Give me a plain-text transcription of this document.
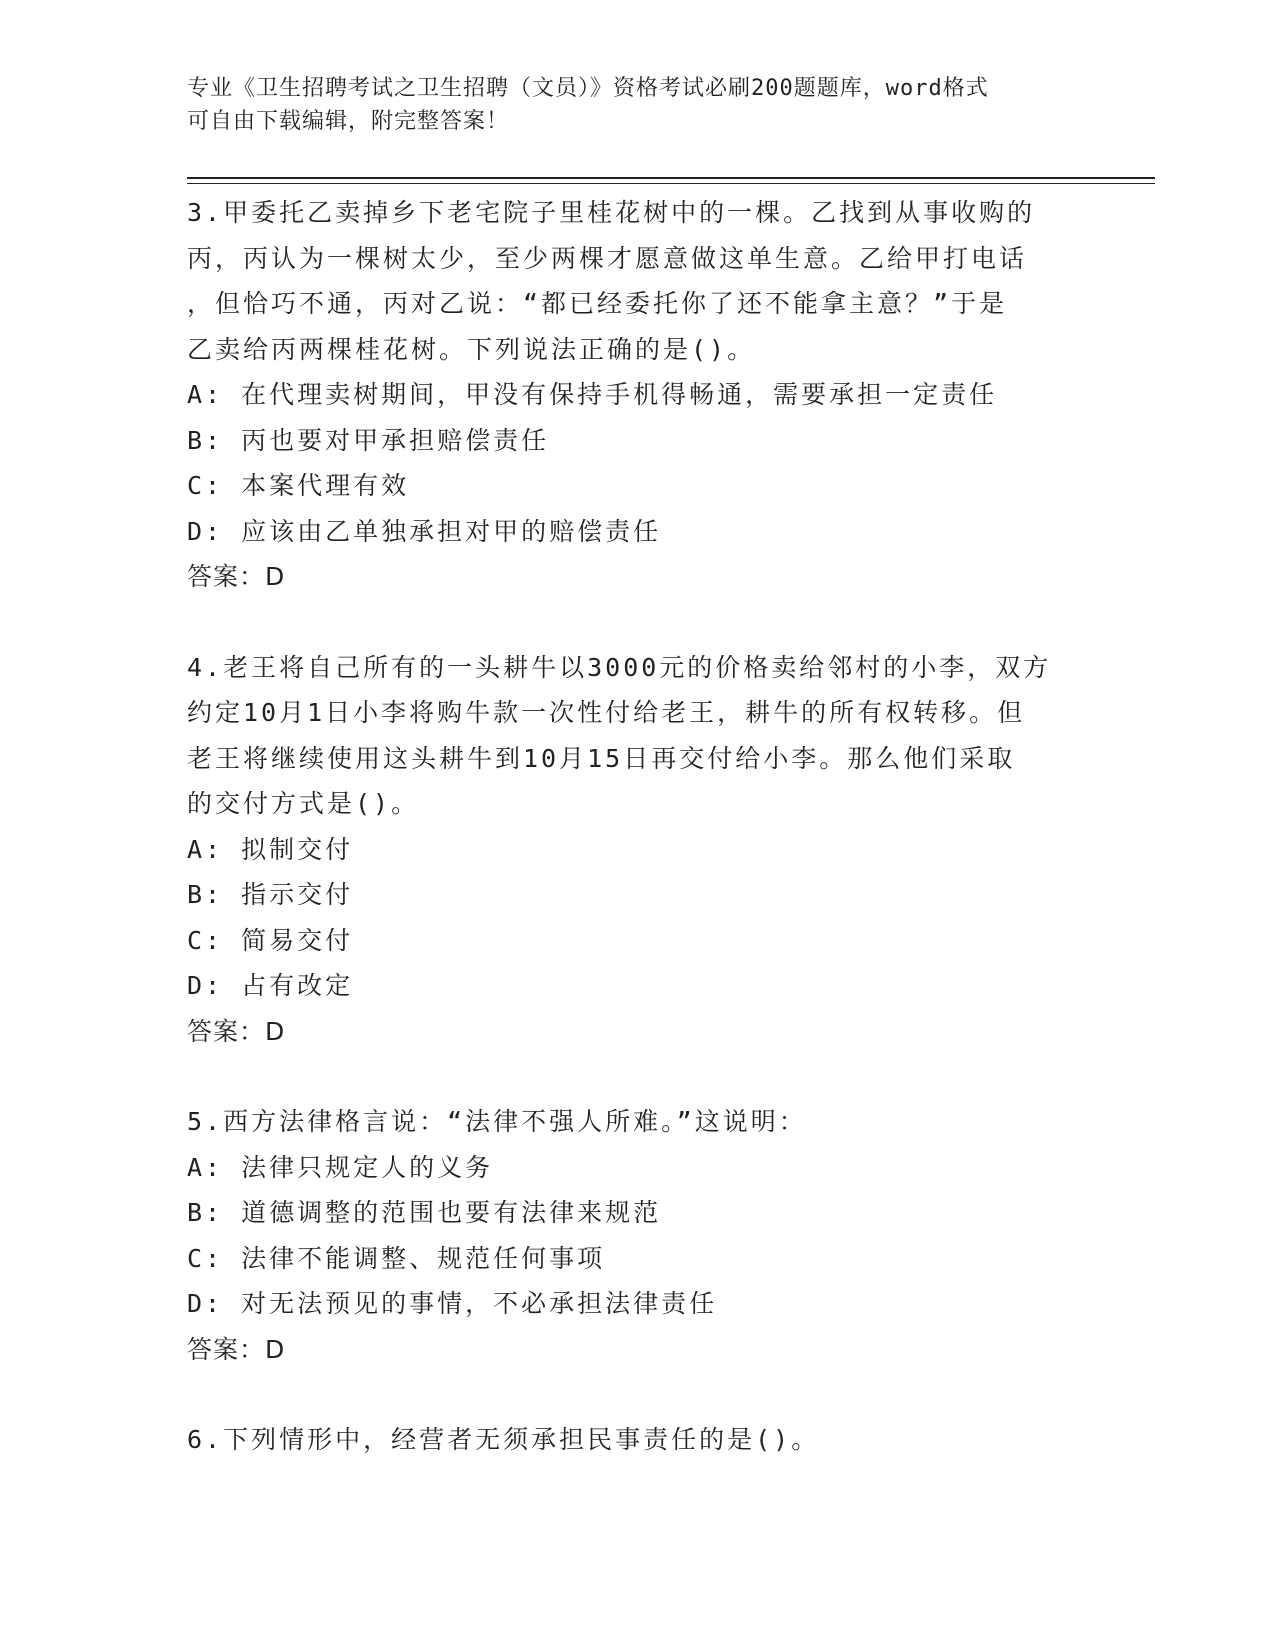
专业《卫生招聘考试之卫生招聘（文员）》资格考试必刷200题题库，word格式
可自由下载编辑，附完整答案！

3.甲委托乙卖掉乡下老宅院子里桂花树中的一棵。乙找到从事收购的

丙，丙认为一棵树太少，至少两棵才愿意做这单生意。乙给甲打电话

，但恰巧不通，丙对乙说：“都已经委托你了还不能拿主意？”于是

乙卖给丙两棵桂花树。下列说法正确的是()。

A: 在代理卖树期间，甲没有保持手机得畅通，需要承担一定责任

B: 丙也要对甲承担赔偿责任

C: 本案代理有效

D: 应该由乙单独承担对甲的赔偿责任

答案：D

4.老王将自己所有的一头耕牛以3000元的价格卖给邻村的小李，双方

约定10月1日小李将购牛款一次性付给老王，耕牛的所有权转移。但

老王将继续使用这头耕牛到10月15日再交付给小李。那么他们采取

的交付方式是()。

A: 拟制交付

B: 指示交付

C: 简易交付

D: 占有改定

答案：D

5.西方法律格言说：“法律不强人所难。”这说明：

A: 法律只规定人的义务

B: 道德调整的范围也要有法律来规范

C: 法律不能调整、规范任何事项

D: 对无法预见的事情，不必承担法律责任

答案：D

6.下列情形中，经营者无须承担民事责任的是()。
